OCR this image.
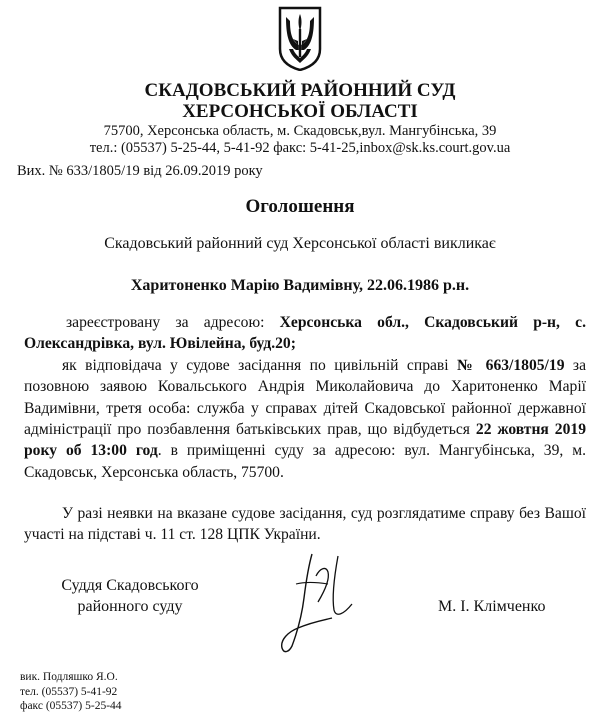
СКАДОВСЬКИЙ РАЙОННИЙ СУД
ХЕРСОНСЬКОЇ ОБЛАСТІ
75700, Херсонська область, м. Скадовськ,вул. Мангубінська, 39
тел.: (05537) 5-25-44, 5-41-92 факс: 5-41-25,inbox@sk.ks.court.gov.ua
Вих. № 633/1805/19 від 26.09.2019 року
Оголошення
Скадовський районний суд Херсонської області викликає
Харитоненко Марію Вадимівну, 22.06.1986 р.н.

зареєстровану за адресою: Херсонська обл., Скадовський р-н, с. Олександрівка, вул. Ювілейна, буд.20;

як відповідача у судове засідання по цивільній справі № 663/1805/19 за позовною заявою Ковальського Андрія Миколайовича до Харитоненко Марії Вадимівни, третя особа: служба у справах дітей Скадовської районної державної адміністрації про позбавлення батьківських прав, що відбудеться 22 жовтня 2019 року об 13:00 год. в приміщенні суду за адресою: вул. Мангубінська, 39, м. Скадовськ, Херсонська область, 75700.

У разі неявки на вказане судове засідання, суд розглядатиме справу без Вашої участі на підставі ч. 11 ст. 128 ЦПК України.
Суддя Скадовського
районного суду	М. І. Клімченко
вик. Подляшко Я.О.
тел. (05537) 5-41-92
факс (05537) 5-25-44
